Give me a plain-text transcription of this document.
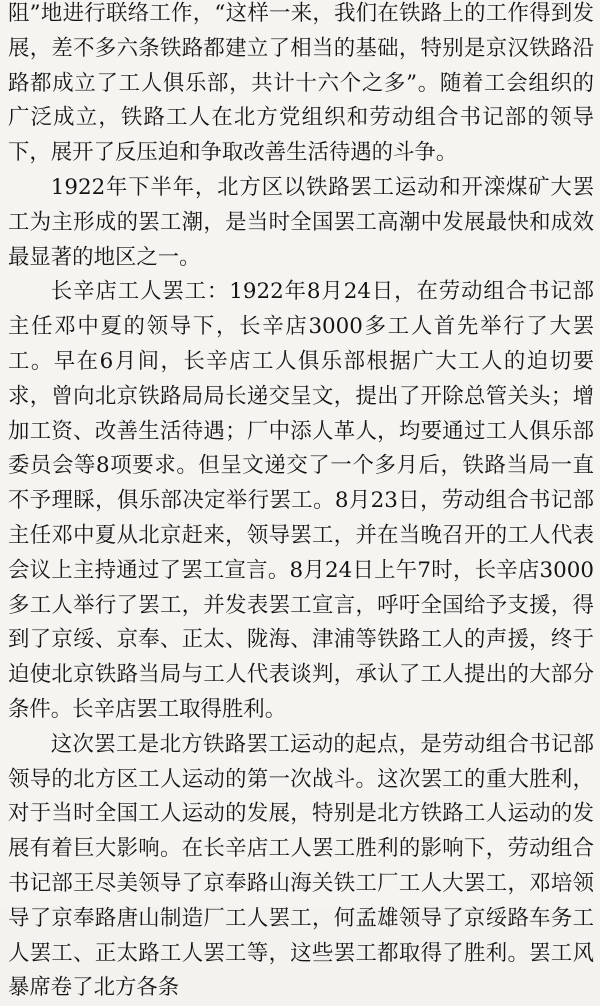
阻”地进行联络工作，“这样一来，我们在铁路上的工作得到发展，差不多六条铁路都建立了相当的基础，特别是京汉铁路沿路都成立了工人俱乐部，共计十六个之多”。随着工会组织的广泛成立，铁路工人在北方党组织和劳动组合书记部的领导下，展开了反压迫和争取改善生活待遇的斗争。

1922年下半年，北方区以铁路罢工运动和开滦煤矿大罢工为主形成的罢工潮，是当时全国罢工高潮中发展最快和成效最显著的地区之一。

长辛店工人罢工：1922年8月24日，在劳动组合书记部主任邓中夏的领导下，长辛店3000多工人首先举行了大罢工。早在6月间，长辛店工人俱乐部根据广大工人的迫切要求，曾向北京铁路局局长递交呈文，提出了开除总管关头；增加工资、改善生活待遇；厂中添人革人，均要通过工人俱乐部委员会等8项要求。但呈文递交了一个多月后，铁路当局一直不予理睬，俱乐部决定举行罢工。8月23日，劳动组合书记部主任邓中夏从北京赶来，领导罢工，并在当晚召开的工人代表会议上主持通过了罢工宣言。8月24日上午7时，长辛店3000多工人举行了罢工，并发表罢工宣言，呼吁全国给予支援，得到了京绥、京奉、正太、陇海、津浦等铁路工人的声援，终于迫使北京铁路当局与工人代表谈判，承认了工人提出的大部分条件。长辛店罢工取得胜利。

这次罢工是北方铁路罢工运动的起点，是劳动组合书记部领导的北方区工人运动的第一次战斗。这次罢工的重大胜利，对于当时全国工人运动的发展，特别是北方铁路工人运动的发展有着巨大影响。在长辛店工人罢工胜利的影响下，劳动组合书记部王尽美领导了京奉路山海关铁工厂工人大罢工，邓培领导了京奉路唐山制造厂工人罢工，何孟雄领导了京绥路车务工人罢工、正太路工人罢工等，这些罢工都取得了胜利。罢工风暴席卷了北方各条
